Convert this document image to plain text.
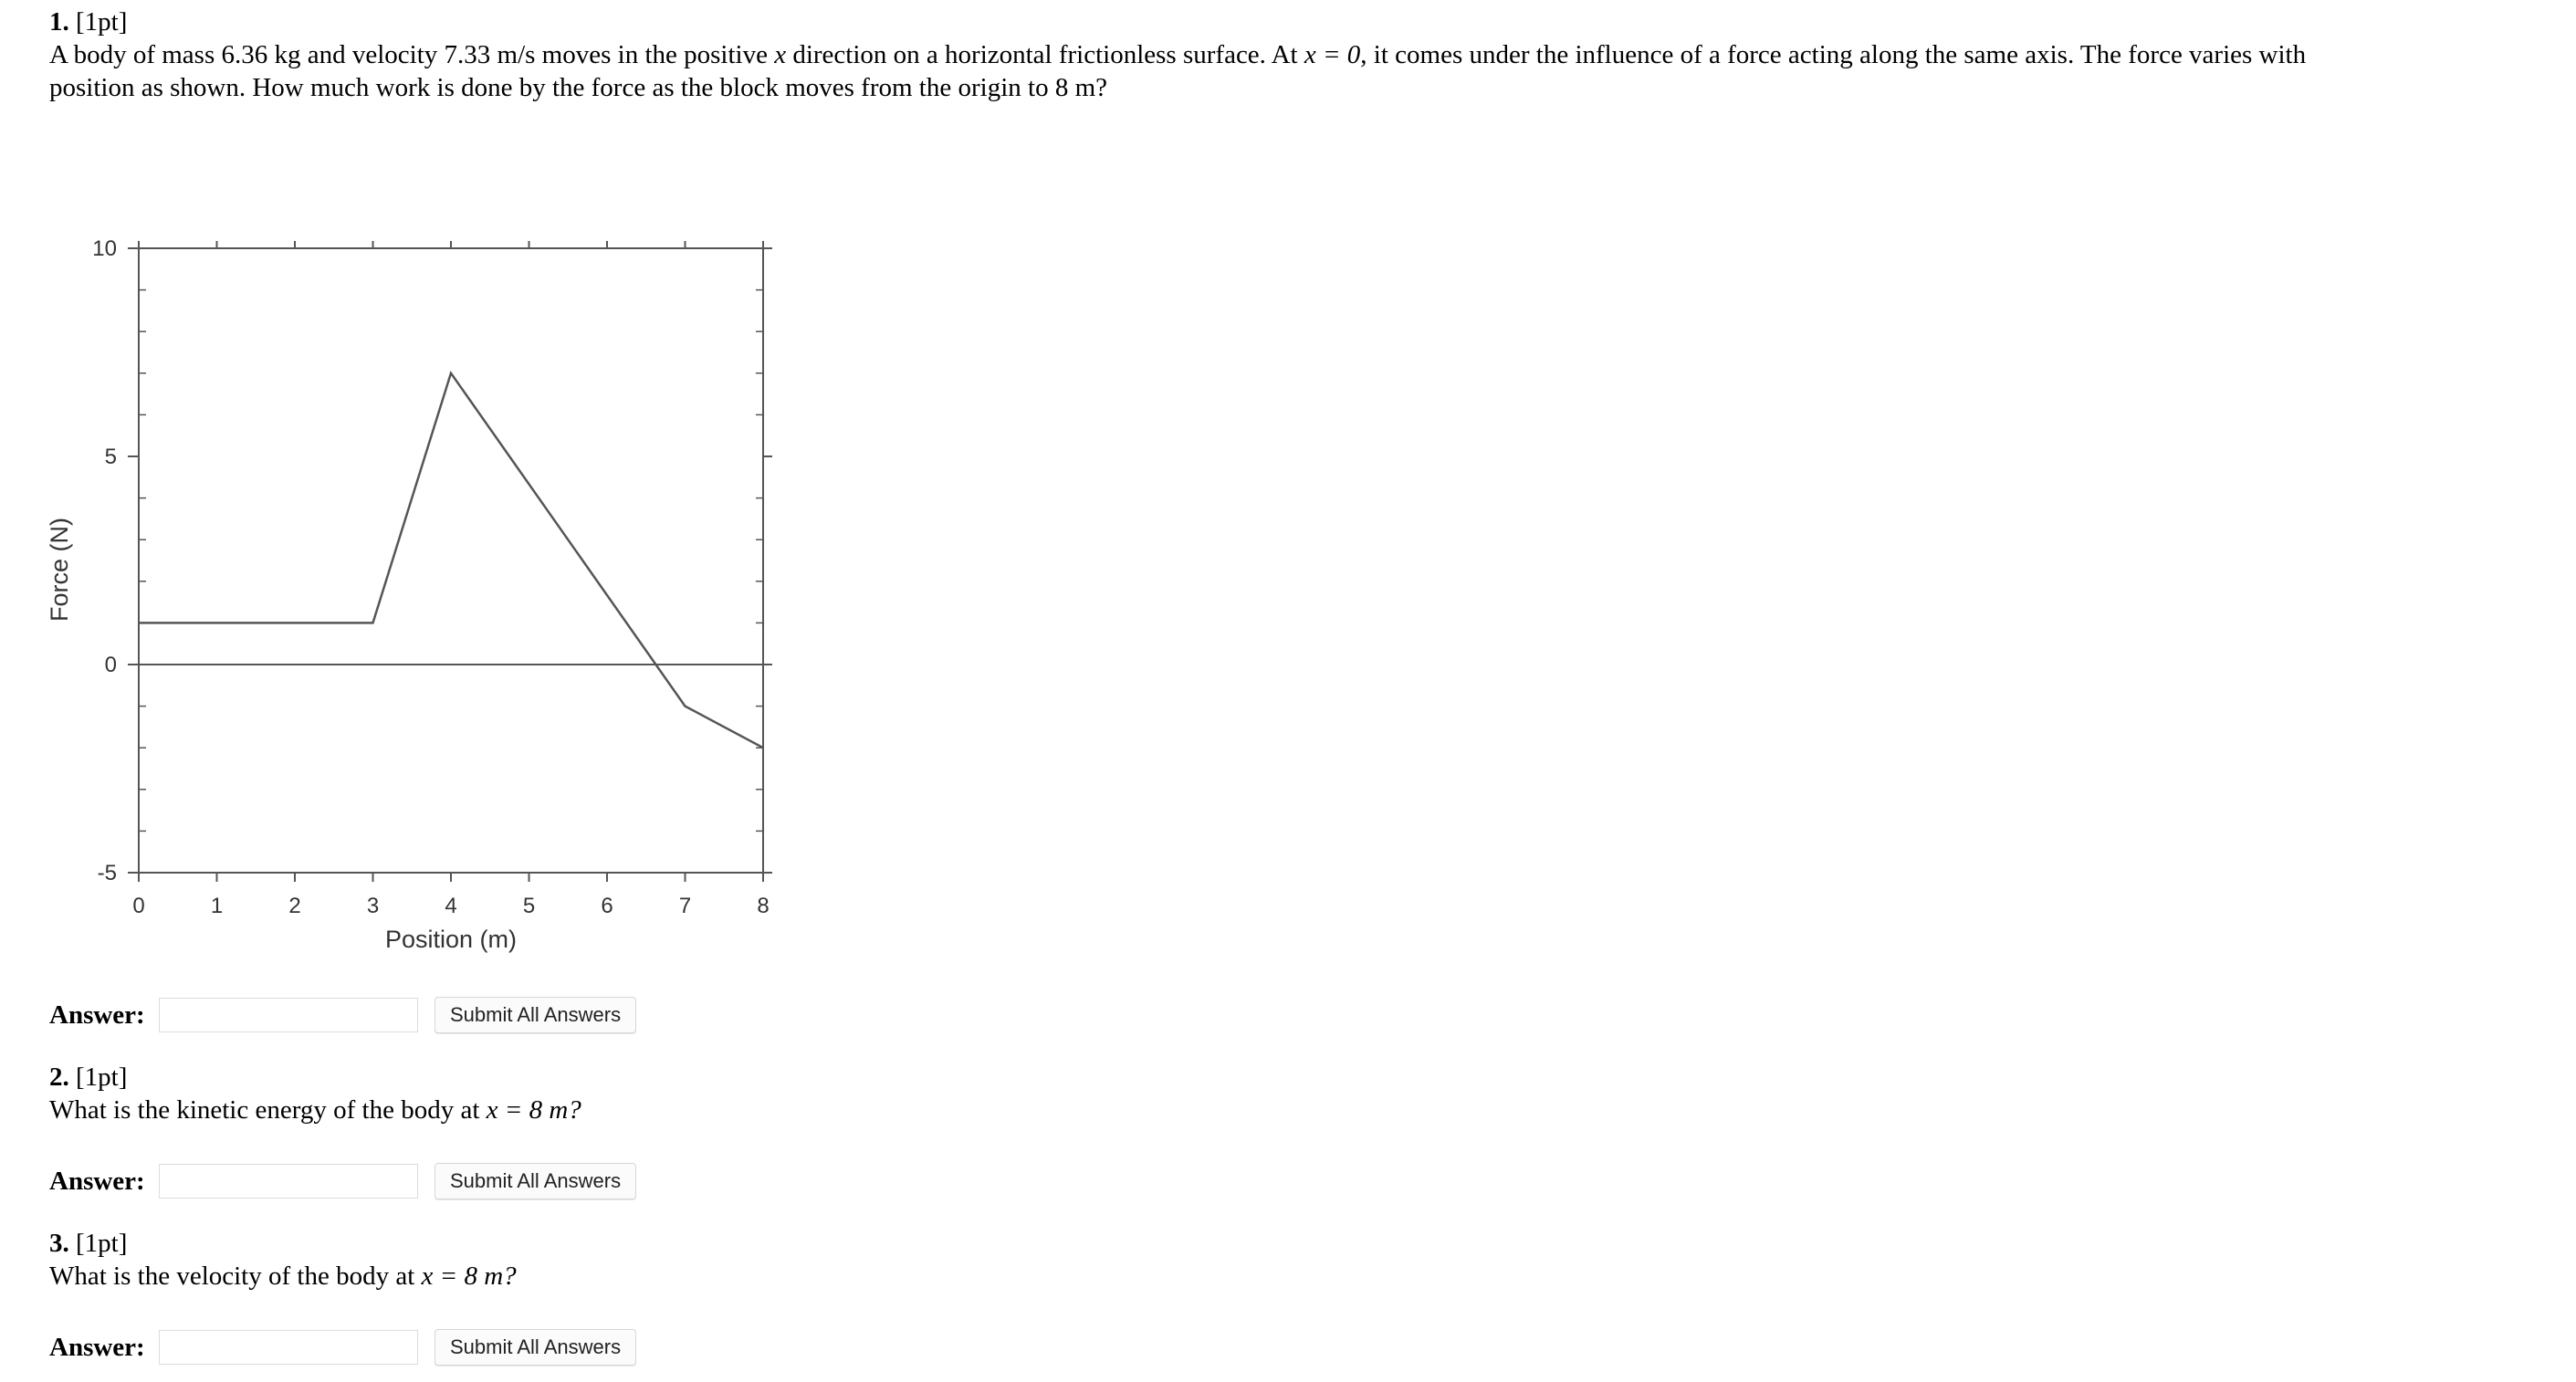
1. [1pt]
A body of mass 6.36 kg and velocity 7.33 m/s moves in the positive x direction on a horizontal frictionless surface. At x = 0, it comes under the influence of a force acting along the same axis. The force varies with
position as shown. How much work is done by the force as the block moves from the origin to 8 m?
0	1	2	3	4	5	6	7	8
-5
0
5
10
Position (m)
Force (N)
Answer:	Submit All Answers
2. [1pt]
What is the kinetic energy of the body at x = 8 m?
Answer:	Submit All Answers
3. [1pt]
What is the velocity of the body at x = 8 m?
Answer:	Submit All Answers
